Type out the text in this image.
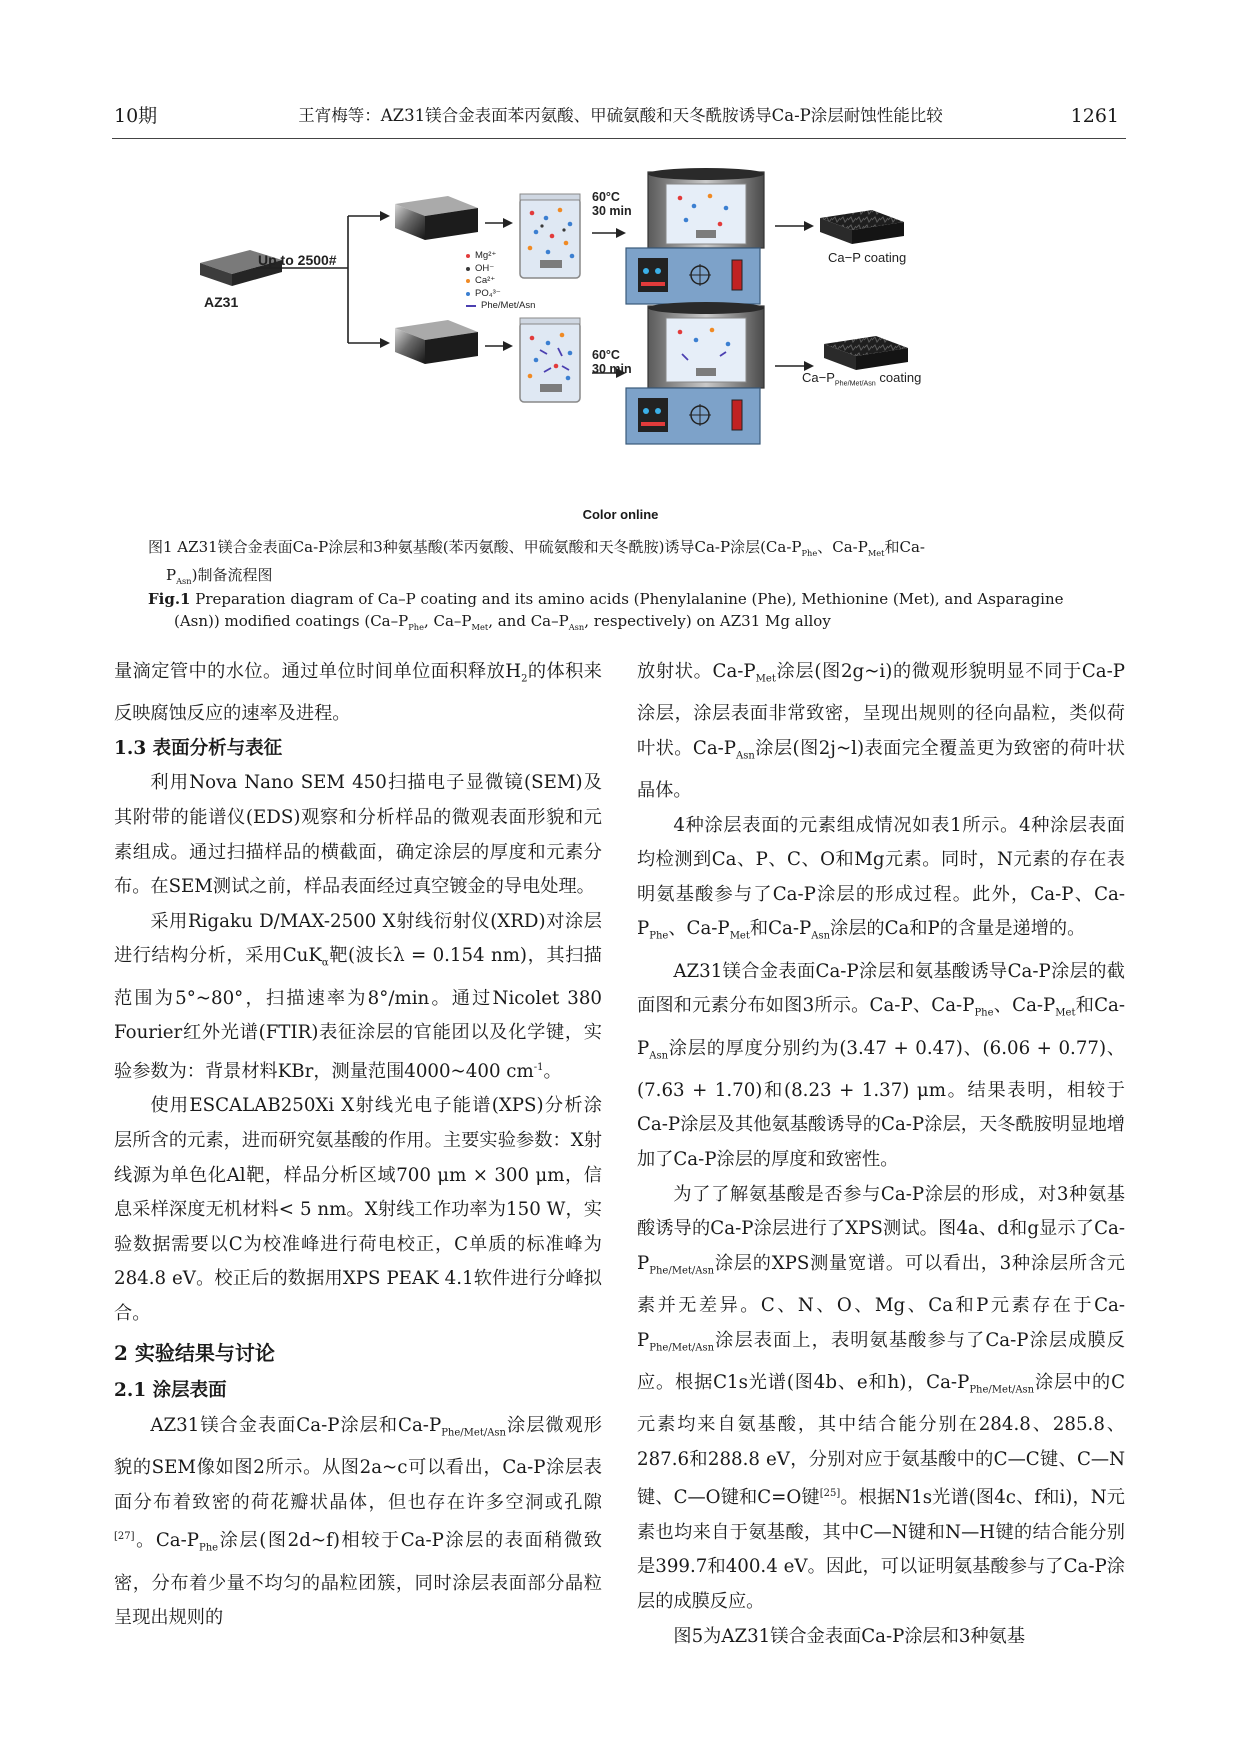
10期	王宵梅等：AZ31镁合金表面苯丙氨酸、甲硫氨酸和天冬酰胺诱导Ca-P涂层耐蚀性能比较	1261
AZ31
Up to 2500#
60°C
30 min
60°C
30 min
Ca−P coating
$Ca-P_{Phe/Met/Asn}$ coating
Mg²⁺
OH⁻
Ca²⁺
PO₄³⁻
Phe/Met/Asn
Color online
图1 AZ31镁合金表面Ca-P涂层和3种氨基酸(苯丙氨酸、甲硫氨酸和天冬酰胺)诱导Ca-P涂层($Ca-P_{Phe}$、$Ca-P_{Met}$和Ca-
$P_{Asn}$)制备流程图
Fig.1 Preparation diagram of Ca–P coating and its amino acids (Phenylalanine (Phe), Methionine (Met), and Asparagine
(Asn)) modified coatings ($Ca-P_{Phe}$, $Ca-P_{Met}$, and $Ca-P_{Asn}$, respectively) on AZ31 Mg alloy

量滴定管中的水位。通过单位时间单位面积释放$H_2$的体积来反映腐蚀反应的速率及进程。

1.3 表面分析与表征

利用Nova Nano SEM 450扫描电子显微镜(SEM)及其附带的能谱仪(EDS)观察和分析样品的微观表面形貌和元素组成。通过扫描样品的横截面，确定涂层的厚度和元素分布。在SEM测试之前，样品表面经过真空镀金的导电处理。

采用Rigaku D/MAX-2500 X射线衍射仪(XRD)对涂层进行结构分析，采用CuK$_\alpha$靶(波长λ = 0.154 nm)，其扫描范围为5°~80°，扫描速率为8°/min。通过Nicolet 380 Fourier红外光谱(FTIR)表征涂层的官能团以及化学键，实验参数为：背景材料KBr，测量范围4000~400 $cm^{-1}$。

使用ESCALAB250Xi X射线光电子能谱(XPS)分析涂层所含的元素，进而研究氨基酸的作用。主要实验参数：X射线源为单色化Al靶，样品分析区域700 μm × 300 μm，信息采样深度无机材料< 5 nm。X射线工作功率为150 W，实验数据需要以C为校准峰进行荷电校正，C单质的标准峰为284.8 eV。校正后的数据用XPS PEAK 4.1软件进行分峰拟合。

2 实验结果与讨论
2.1 涂层表面

AZ31镁合金表面Ca-P涂层和$Ca-P_{Phe/Met/Asn}$涂层微观形貌的SEM像如图2所示。从图2a~c可以看出，Ca-P涂层表面分布着致密的荷花瓣状晶体，但也存在许多空洞或孔隙[27]。$Ca-P_{Phe}$涂层(图2d~f)相较于Ca-P涂层的表面稍微致密，分布着少量不均匀的晶粒团簇，同时涂层表面部分晶粒呈现出规则的

放射状。$Ca-P_{Met}$涂层(图2g~i)的微观形貌明显不同于Ca-P涂层，涂层表面非常致密，呈现出规则的径向晶粒，类似荷叶状。$Ca-P_{Asn}$涂层(图2j~l)表面完全覆盖更为致密的荷叶状晶体。

4种涂层表面的元素组成情况如表1所示。4种涂层表面均检测到Ca、P、C、O和Mg元素。同时，N元素的存在表明氨基酸参与了Ca-P涂层的形成过程。此外，Ca-P、$Ca-P_{Phe}$、$Ca-P_{Met}$和$Ca-P_{Asn}$涂层的Ca和P的含量是递增的。

AZ31镁合金表面Ca-P涂层和氨基酸诱导Ca-P涂层的截面图和元素分布如图3所示。Ca-P、$Ca-P_{Phe}$、$Ca-P_{Met}$和$Ca-P_{Asn}$涂层的厚度分别约为(3.47 + 0.47)、(6.06 + 0.77)、(7.63 + 1.70)和(8.23 + 1.37) μm。结果表明，相较于Ca-P涂层及其他氨基酸诱导的Ca-P涂层，天冬酰胺明显地增加了Ca-P涂层的厚度和致密性。

为了了解氨基酸是否参与Ca-P涂层的形成，对3种氨基酸诱导的Ca-P涂层进行了XPS测试。图4a、d和g显示了$Ca-P_{Phe/Met/Asn}$涂层的XPS测量宽谱。可以看出，3种涂层所含元素并无差异。C、N、O、Mg、Ca和P元素存在于$Ca-P_{Phe/Met/Asn}$涂层表面上，表明氨基酸参与了Ca-P涂层成膜反应。根据C1s光谱(图4b、e和h)，$Ca-P_{Phe/Met/Asn}$涂层中的C元素均来自氨基酸，其中结合能分别在284.8、285.8、287.6和288.8 eV，分别对应于氨基酸中的C—C键、C—N键、C—O键和C=O键[25]。根据N1s光谱(图4c、f和i)，N元素也均来自于氨基酸，其中C—N键和N—H键的结合能分别是399.7和400.4 eV。因此，可以证明氨基酸参与了Ca-P涂层的成膜反应。

图5为AZ31镁合金表面Ca-P涂层和3种氨基
